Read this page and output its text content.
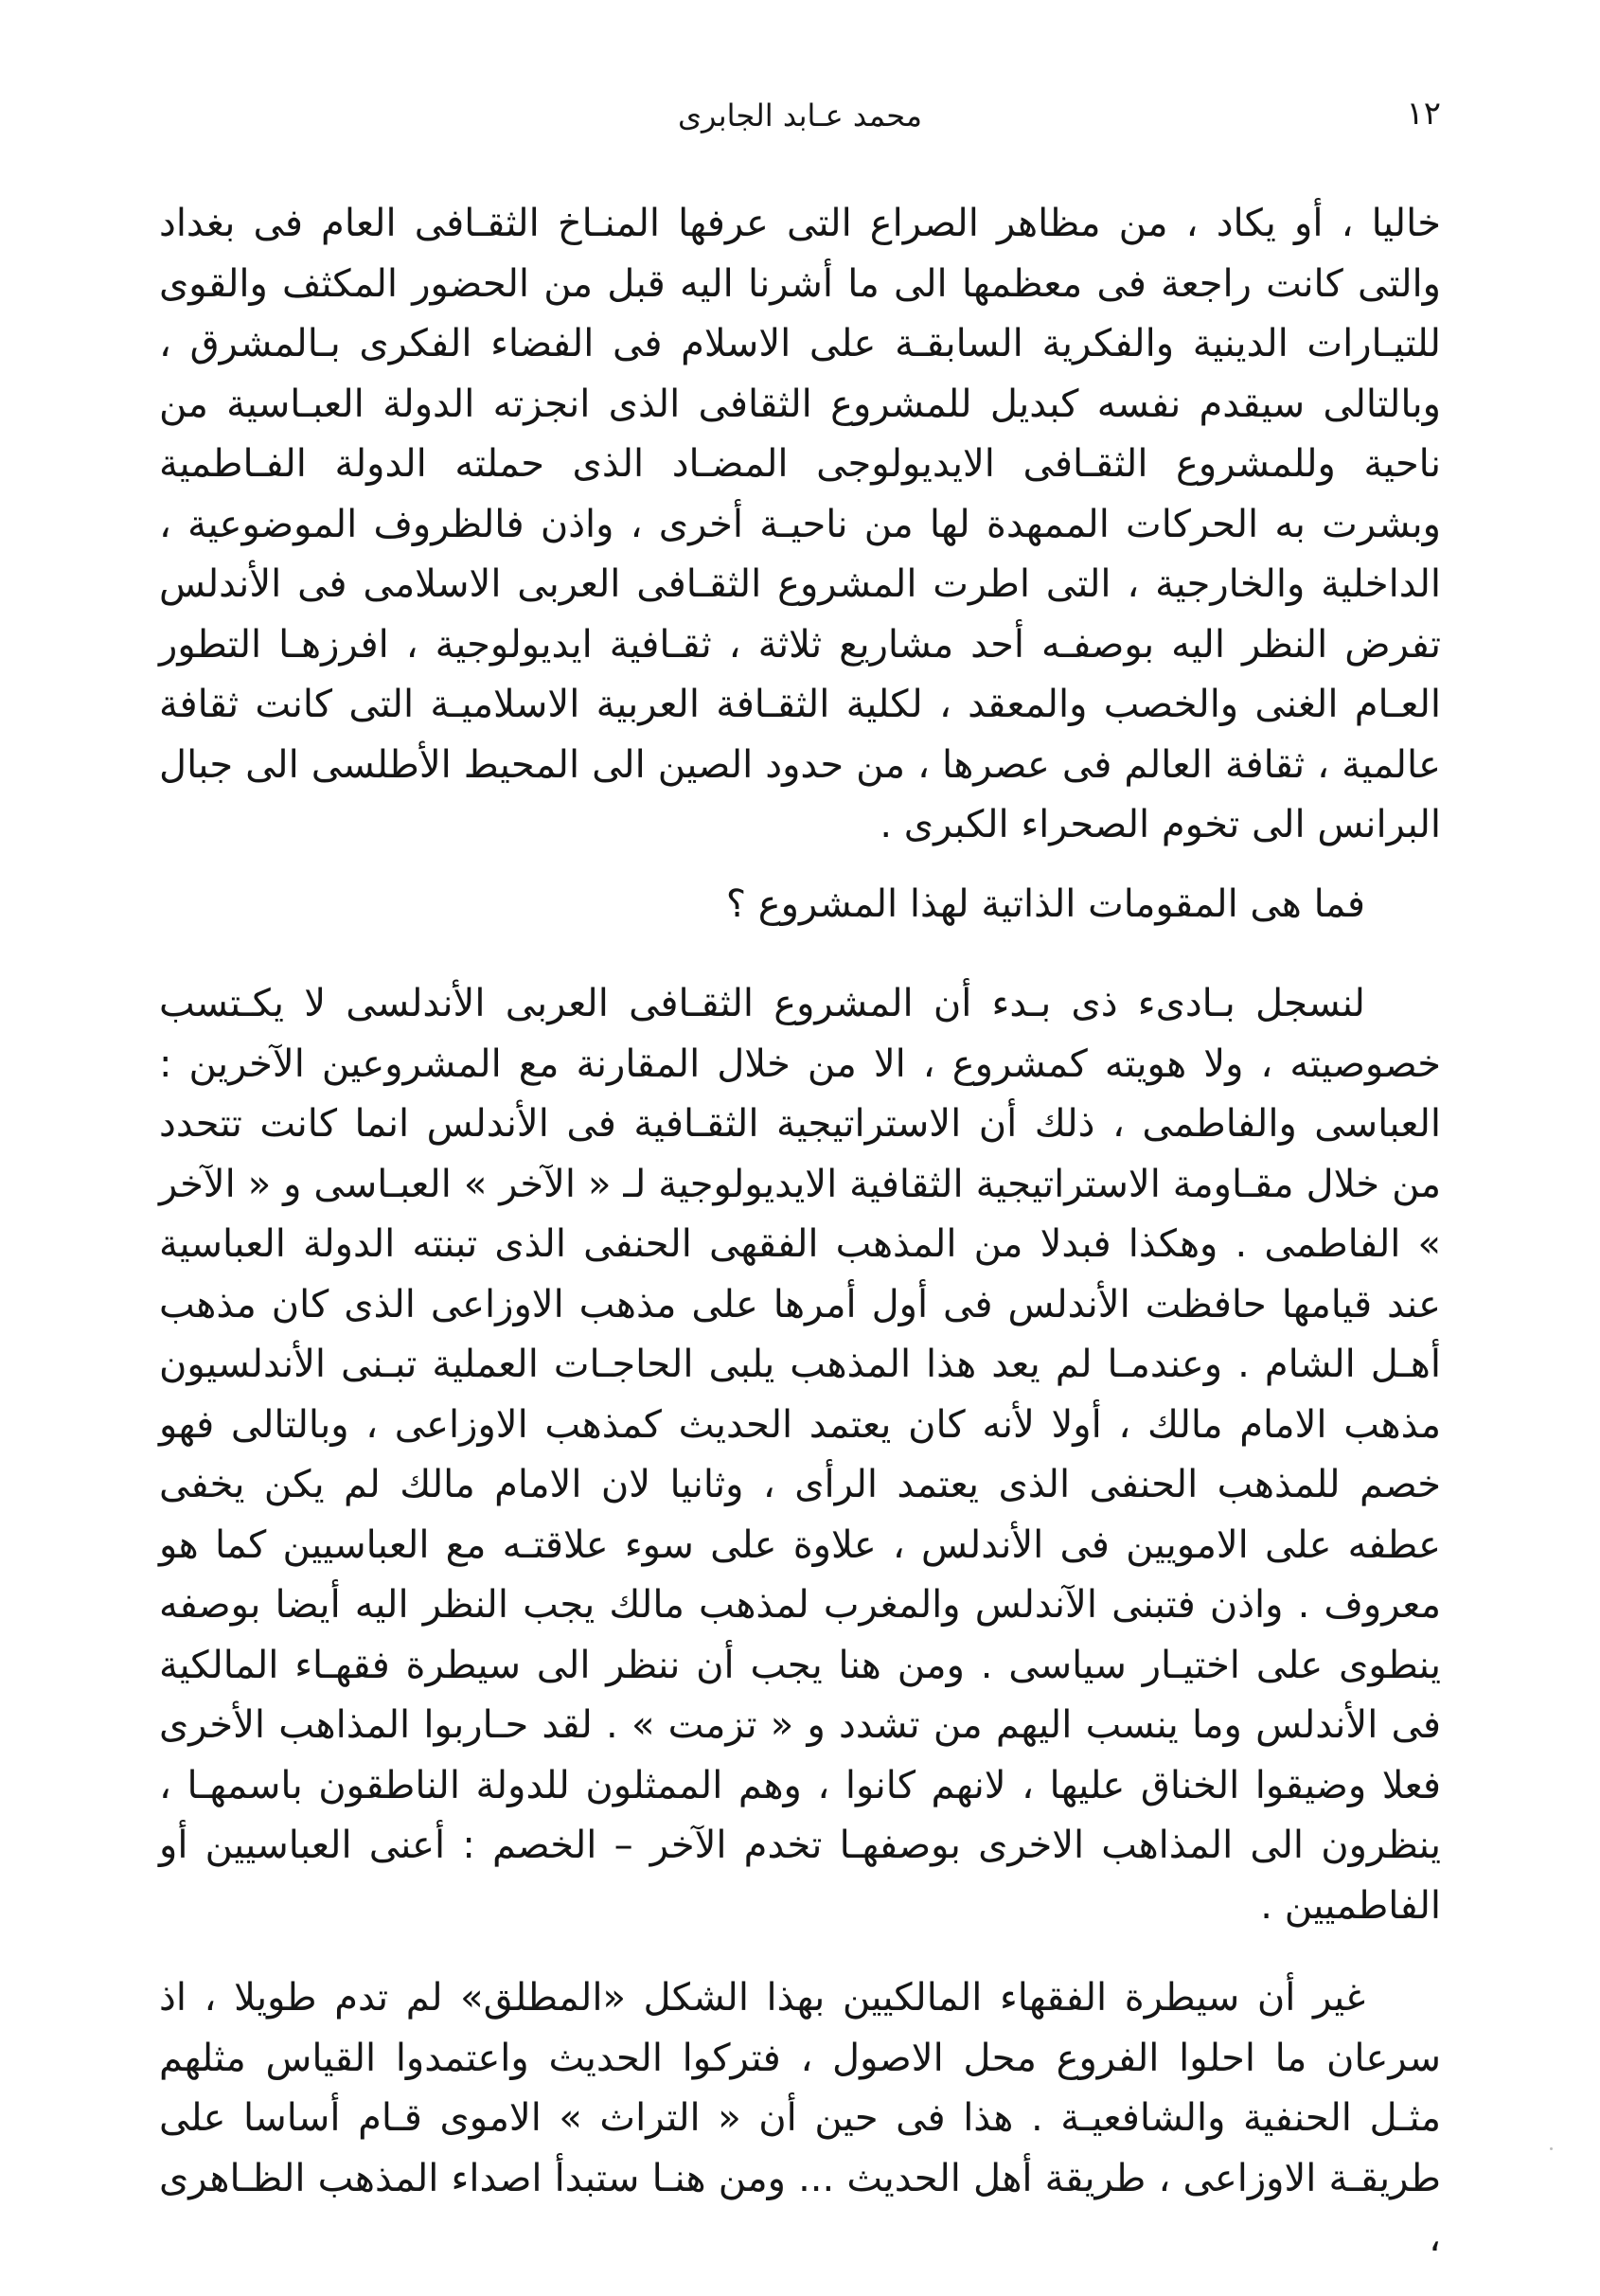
١٢
محمد عـابد الجابرى

خاليا ، أو يكاد ، من مظاهر الصراع التى عرفها المنـاخ الثقـافى العام فى بغداد والتى كانت راجعة فى معظمها الى ما أشرنا اليه قبل من الحضور المكثف والقوى للتيـارات الدينية والفكرية السابقـة على الاسلام فى الفضاء الفكرى بـالمشرق ، وبالتالى سيقدم نفسه كبديل للمشروع الثقافى الذى انجزته الدولة العبـاسية من ناحية وللمشروع الثقـافى الايديولوجى المضـاد الذى حملته الدولة الفـاطمية وبشرت به الحركات الممهدة لها من ناحيـة أخرى ، واذن فالظروف الموضوعية ، الداخلية والخارجية ، التى اطرت المشروع الثقـافى العربى الاسلامى فى الأندلس تفرض النظر اليه بوصفـه أحد مشاريع ثلاثة ، ثقـافية ايديولوجية ، افرزهـا التطور العـام الغنى والخصب والمعقد ، لكلية الثقـافة العربية الاسلاميـة التى كانت ثقافة عالمية ، ثقافة العالم فى عصرها ، من حدود الصين الى المحيط الأطلسى الى جبال البرانس الى تخوم الصحراء الكبرى .

فما هى المقومات الذاتية لهذا المشروع ؟

لنسجل بـادىء ذى بـدء أن المشروع الثقـافى العربى الأندلسى لا يكـتسب خصوصيته ، ولا هويته كمشروع ، الا من خلال المقارنة مع المشروعين الآخرين : العباسى والفاطمى ، ذلك أن الاستراتيجية الثقـافية فى الأندلس انما كانت تتحدد من خلال مقـاومة الاستراتيجية الثقافية الايديولوجية لـ « الآخر » العبـاسى و « الآخر » الفاطمى . وهكذا فبدلا من المذهب الفقهى الحنفى الذى تبنته الدولة العباسية عند قيامها حافظت الأندلس فى أول أمرها على مذهب الاوزاعى الذى كان مذهب أهـل الشام . وعندمـا لم يعد هذا المذهب يلبى الحاجـات العملية تبـنى الأندلسيون مذهب الامام مالك ، أولا لأنه كان يعتمد الحديث كمذهب الاوزاعى ، وبالتالى فهو خصم للمذهب الحنفى الذى يعتمد الرأى ، وثانيا لان الامام مالك لم يكن يخفى عطفه على الامويين فى الأندلس ، علاوة على سوء علاقتـه مع العباسيين كما هو معروف . واذن فتبنى الآندلس والمغرب لمذهب مالك يجب النظر اليه أيضا بوصفه ينطوى على اختيـار سياسى . ومن هنا يجب أن ننظر الى سيطرة فقهـاء المالكية فى الأندلس وما ينسب اليهم من تشدد و « تزمت » . لقد حـاربوا المذاهب الأخرى فعلا وضيقوا الخناق عليها ، لانهم كانوا ، وهم الممثلون للدولة الناطقون باسمهـا ، ينظرون الى المذاهب الاخرى بوصفهـا تخدم الآخر – الخصم : أعنى العباسيين أو الفاطميين .

غير أن سيطرة الفقهاء المالكيين بهذا الشكل «المطلق» لم تدم طويلا ، اذ سرعان ما احلوا الفروع محل الاصول ، فتركوا الحديث واعتمدوا القياس مثلهم مثـل الحنفية والشافعيـة . هذا فى حين أن « التراث » الاموى قـام أساسا على طريقـة الاوزاعى ، طريقة أهل الحديث ... ومن هنـا ستبدأ اصداء المذهب الظـاهرى ،
